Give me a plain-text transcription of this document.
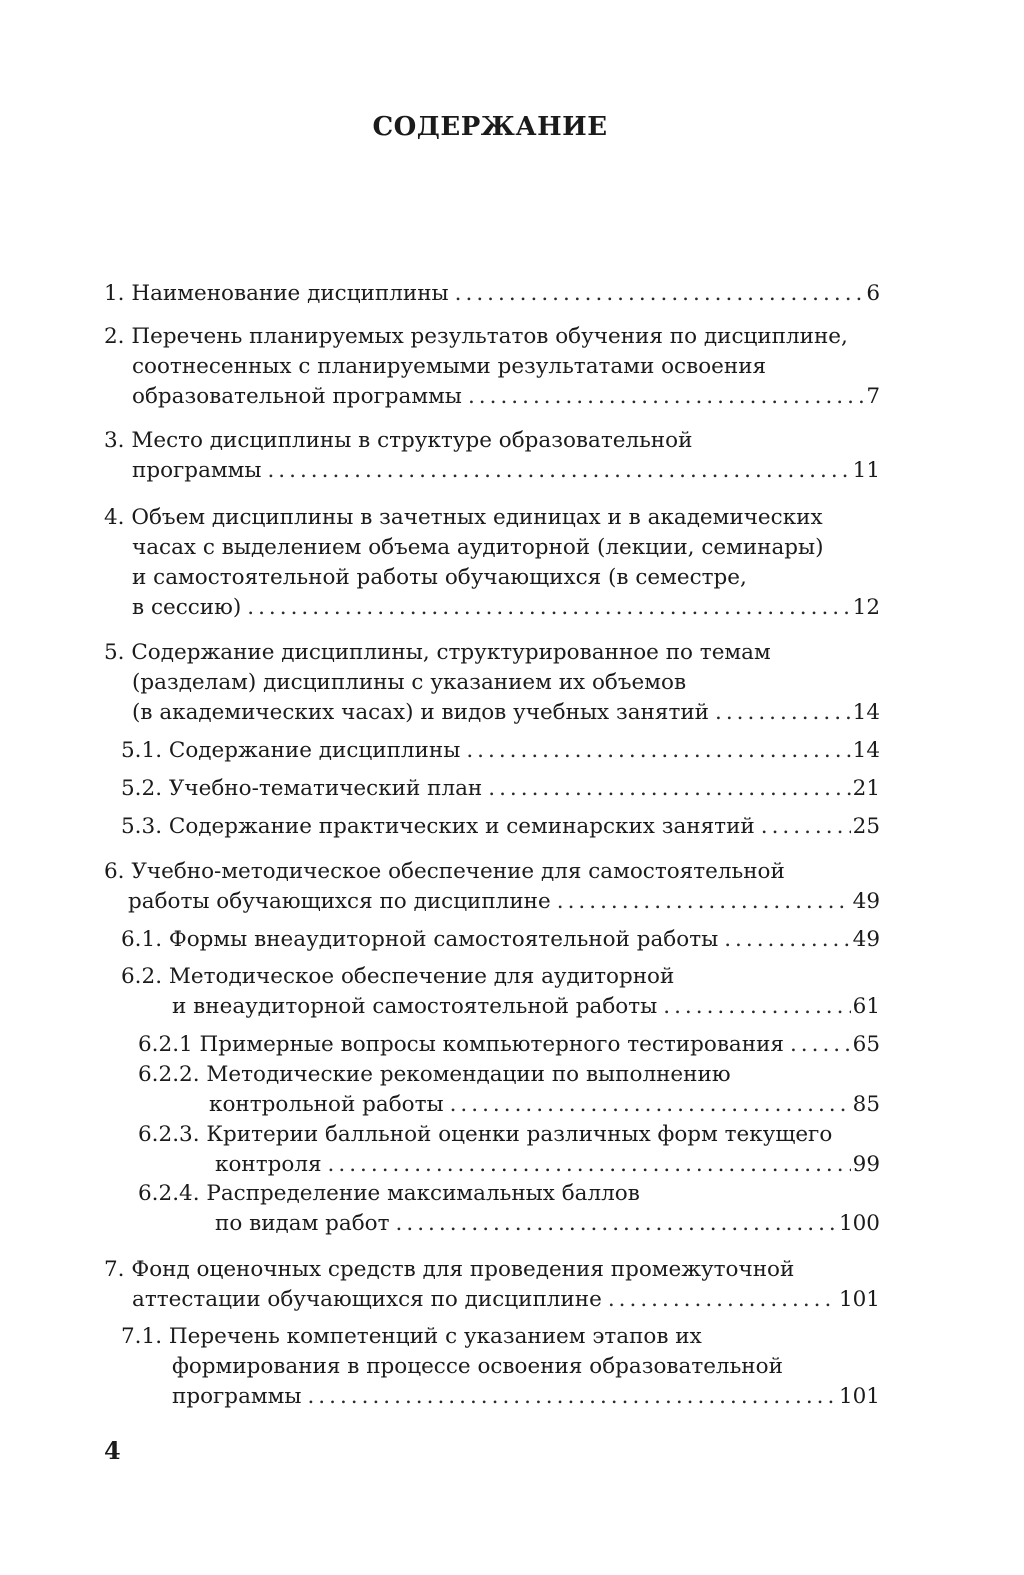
СОДЕРЖАНИЕ
1. Наименование дисциплины .....	6
2. Перечень планируемых результатов обучения по дисциплине,
соотнесенных с планируемыми результатами освоения
образовательной программы .....	7
3. Место дисциплины в структуре образовательной
программы .....	11
4. Объем дисциплины в зачетных единицах и в академических
часах с выделением объема аудиторной (лекции, семинары)
и самостоятельной работы обучающихся (в семестре,
в сессию) .....	12
5. Содержание дисциплины, структурированное по темам
(разделам) дисциплины с указанием их объемов
(в академических часах) и видов учебных занятий .....	14
5.1. Содержание дисциплины .....	14
5.2. Учебно-тематический план .....	21
5.3. Содержание практических и семинарских занятий .....	25
6. Учебно-методическое обеспечение для самостоятельной
работы обучающихся по дисциплине .....	49
6.1. Формы внеаудиторной самостоятельной работы .....	49
6.2. Методическое обеспечение для аудиторной
и внеаудиторной самостоятельной работы .....	61
6.2.1 Примерные вопросы компьютерного тестирования .....	65
6.2.2. Методические рекомендации по выполнению
контрольной работы .....	85
6.2.3. Критерии балльной оценки различных форм текущего
контроля .....	99
6.2.4. Распределение максимальных баллов
по видам работ .....	100
7. Фонд оценочных средств для проведения промежуточной
аттестации обучающихся по дисциплине .....	101
7.1. Перечень компетенций с указанием этапов их
формирования в процессе освоения образовательной
программы .....	101
4
